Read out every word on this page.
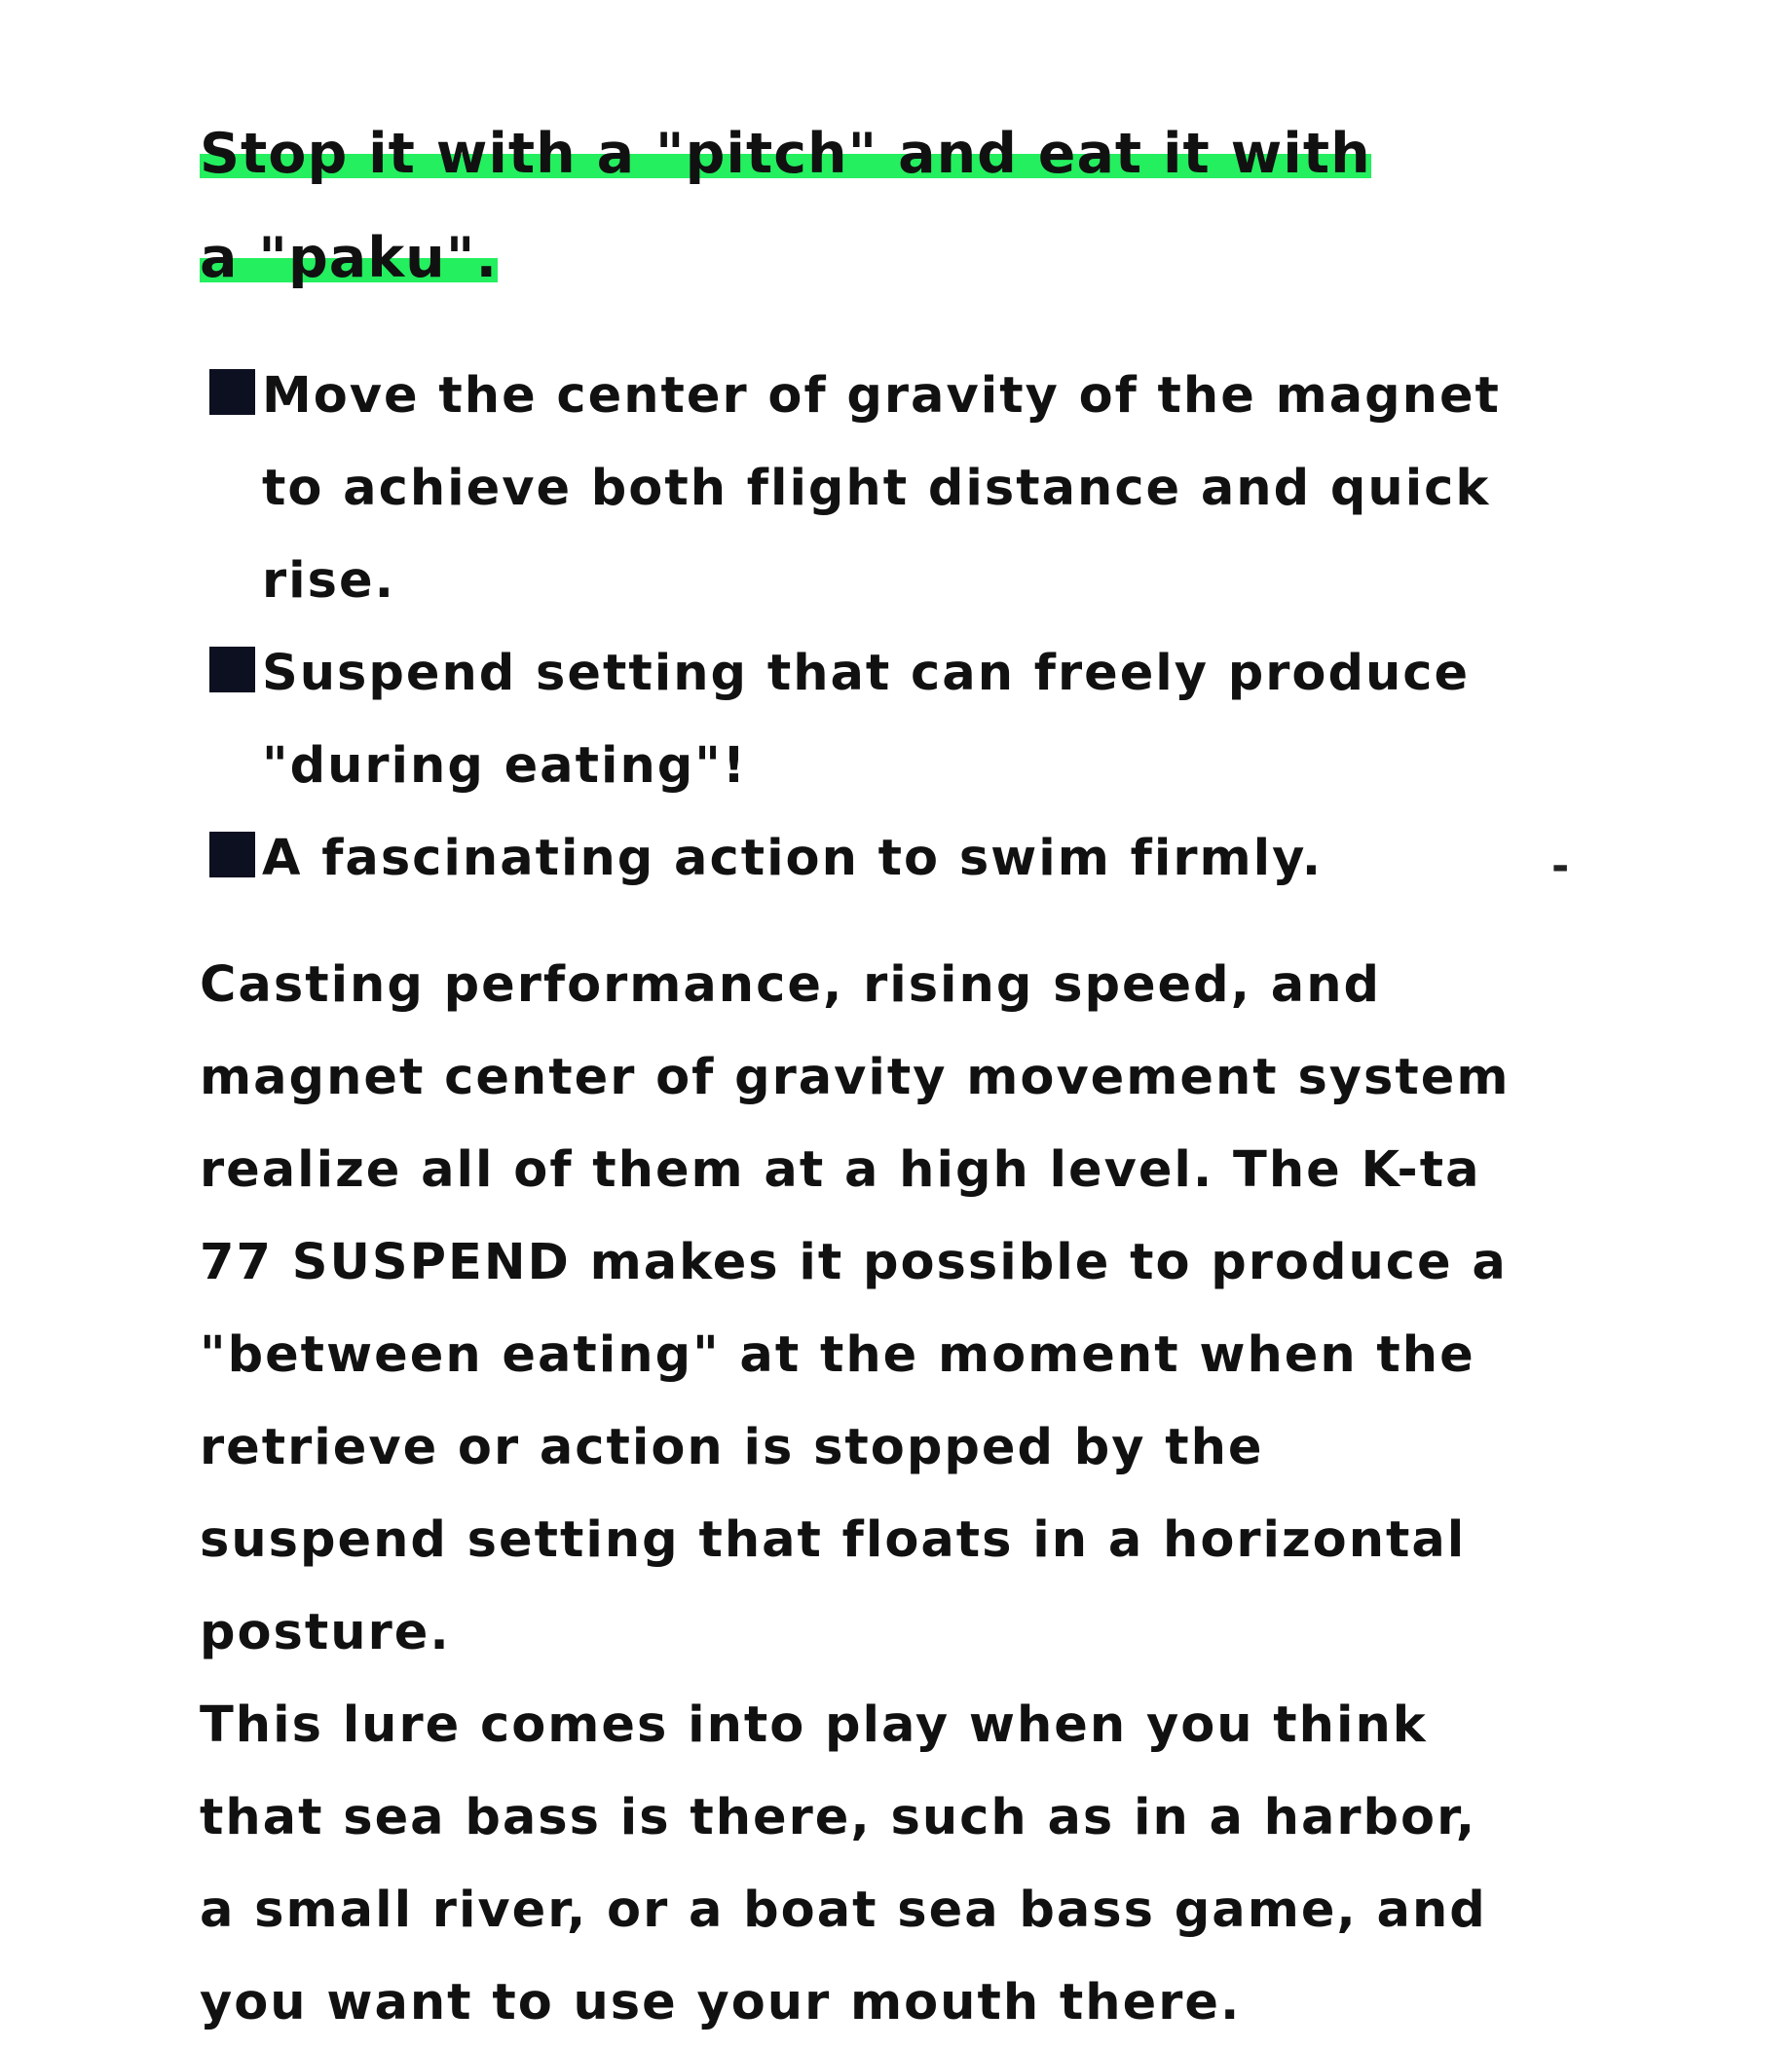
Stop it with a "pitch" and eat it with a "paku".
Move the center of gravity of the magnet to achieve both flight distance and quick rise.
Suspend setting that can freely produce "during eating"!
A fascinating action to swim firmly.
Casting performance, rising speed, and magnet center of gravity movement system realize all of them at a high level. The K-ta 77 SUSPEND makes it possible to produce a "between eating" at the moment when the retrieve or action is stopped by the suspend setting that floats in a horizontal posture.
This lure comes into play when you think that sea bass is there, such as in a harbor, a small river, or a boat sea bass game, and you want to use your mouth there.
-
